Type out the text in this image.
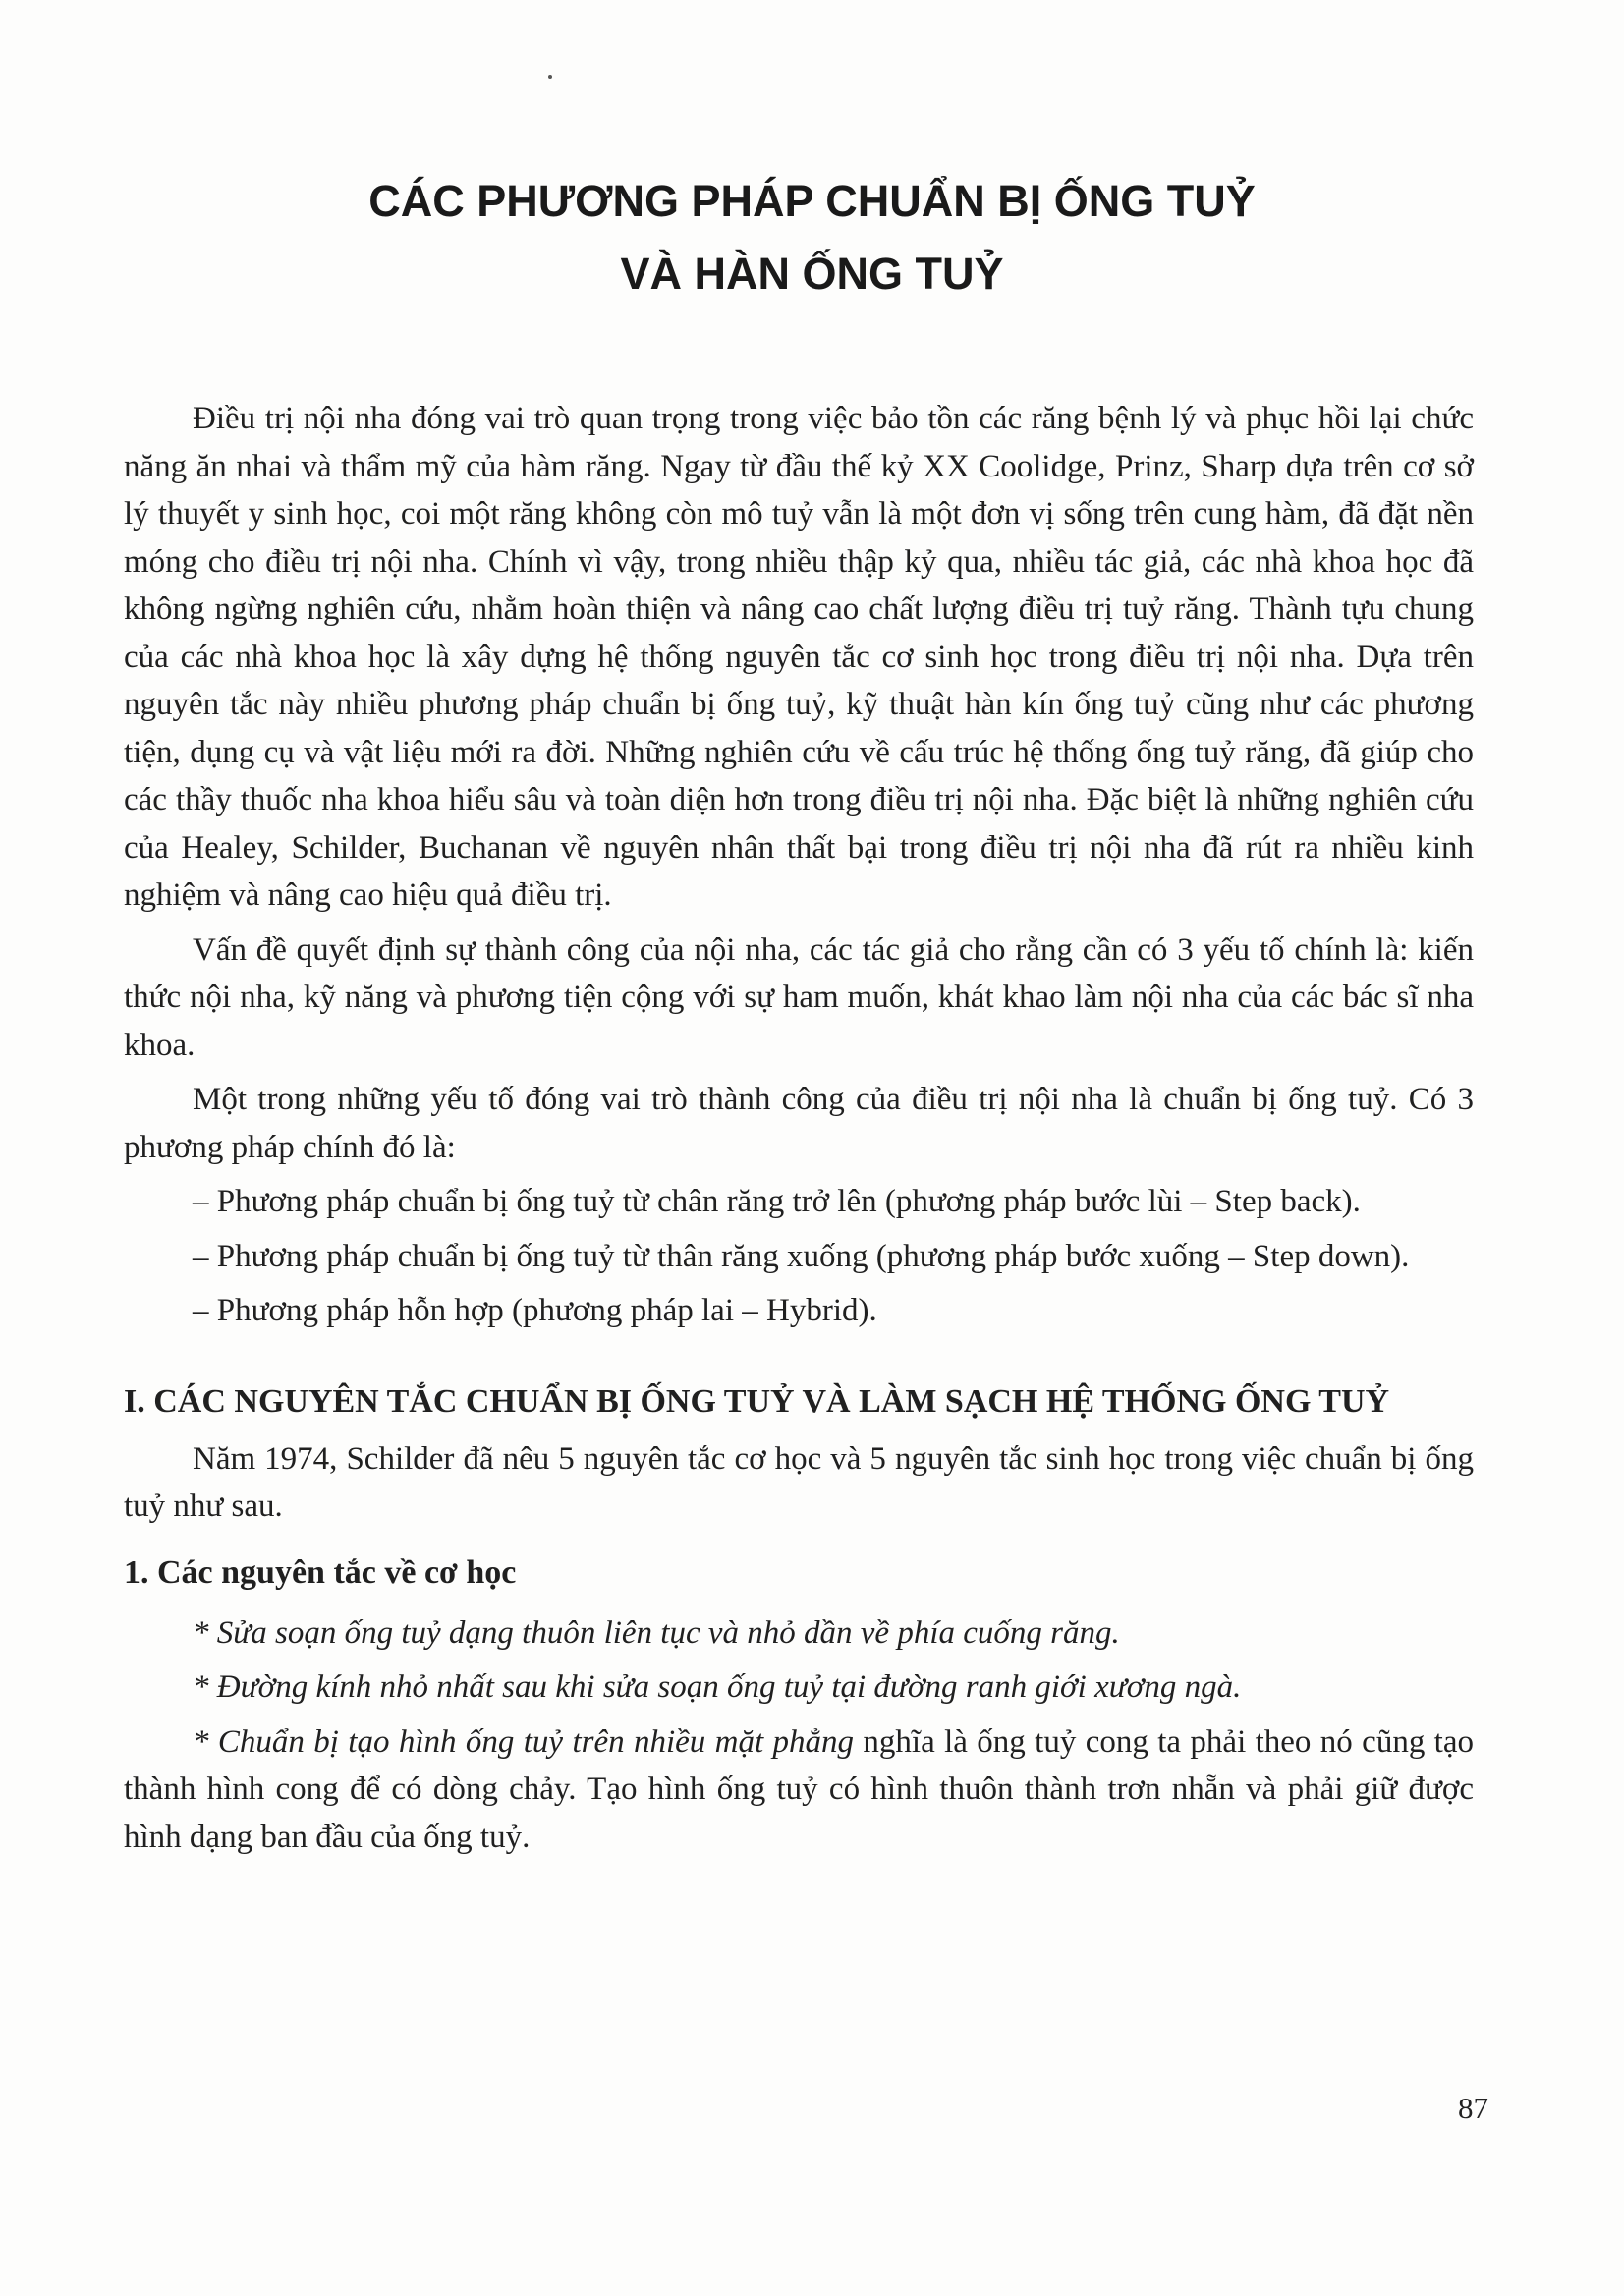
CÁC PHƯƠNG PHÁP CHUẨN BỊ ỐNG TUỶ
VÀ HÀN ỐNG TUỶ

Điều trị nội nha đóng vai trò quan trọng trong việc bảo tồn các răng bệnh lý và phục hồi lại chức năng ăn nhai và thẩm mỹ của hàm răng. Ngay từ đầu thế kỷ XX Coolidge, Prinz, Sharp dựa trên cơ sở lý thuyết y sinh học, coi một răng không còn mô tuỷ vẫn là một đơn vị sống trên cung hàm, đã đặt nền móng cho điều trị nội nha. Chính vì vậy, trong nhiều thập kỷ qua, nhiều tác giả, các nhà khoa học đã không ngừng nghiên cứu, nhằm hoàn thiện và nâng cao chất lượng điều trị tuỷ răng. Thành tựu chung của các nhà khoa học là xây dựng hệ thống nguyên tắc cơ sinh học trong điều trị nội nha. Dựa trên nguyên tắc này nhiều phương pháp chuẩn bị ống tuỷ, kỹ thuật hàn kín ống tuỷ cũng như các phương tiện, dụng cụ và vật liệu mới ra đời. Những nghiên cứu về cấu trúc hệ thống ống tuỷ răng, đã giúp cho các thầy thuốc nha khoa hiểu sâu và toàn diện hơn trong điều trị nội nha. Đặc biệt là những nghiên cứu của Healey, Schilder, Buchanan về nguyên nhân thất bại trong điều trị nội nha đã rút ra nhiều kinh nghiệm và nâng cao hiệu quả điều trị.

Vấn đề quyết định sự thành công của nội nha, các tác giả cho rằng cần có 3 yếu tố chính là: kiến thức nội nha, kỹ năng và phương tiện cộng với sự ham muốn, khát khao làm nội nha của các bác sĩ nha khoa.

Một trong những yếu tố đóng vai trò thành công của điều trị nội nha là chuẩn bị ống tuỷ. Có 3 phương pháp chính đó là:

– Phương pháp chuẩn bị ống tuỷ từ chân răng trở lên (phương pháp bước lùi – Step back).

– Phương pháp chuẩn bị ống tuỷ từ thân răng xuống (phương pháp bước xuống – Step down).

– Phương pháp hỗn hợp (phương pháp lai – Hybrid).

I. CÁC NGUYÊN TẮC CHUẨN BỊ ỐNG TUỶ VÀ LÀM SẠCH HỆ THỐNG ỐNG TUỶ

Năm 1974, Schilder đã nêu 5 nguyên tắc cơ học và 5 nguyên tắc sinh học trong việc chuẩn bị ống tuỷ như sau.

1. Các nguyên tắc về cơ học

* Sửa soạn ống tuỷ dạng thuôn liên tục và nhỏ dần về phía cuống răng.

* Đường kính nhỏ nhất sau khi sửa soạn ống tuỷ tại đường ranh giới xương ngà.

* Chuẩn bị tạo hình ống tuỷ trên nhiều mặt phẳng nghĩa là ống tuỷ cong ta phải theo nó cũng tạo thành hình cong để có dòng chảy. Tạo hình ống tuỷ có hình thuôn thành trơn nhẵn và phải giữ được hình dạng ban đầu của ống tuỷ.

87
